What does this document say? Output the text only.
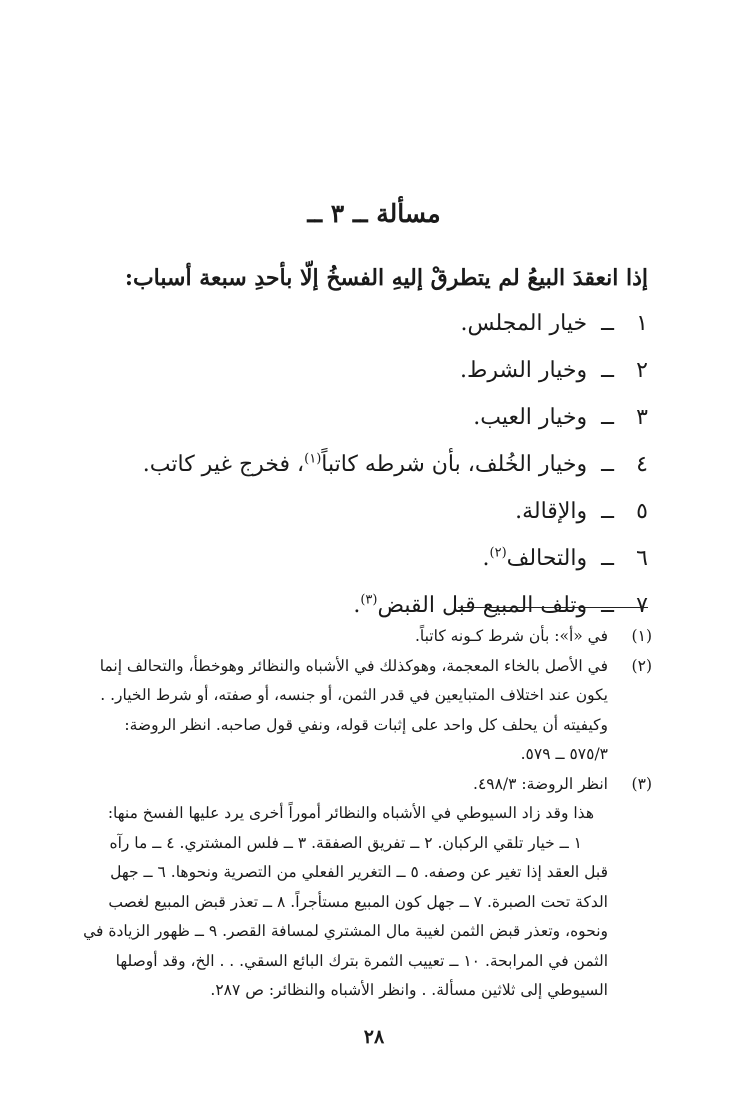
مسألة ــ ٣ ــ
إذا انعقدَ البيعُ لم يتطرقْ إليهِ الفسخُ إلّا بأحدِ سبعة أسباب:
١ــخيار المجلس.
٢ــوخيار الشرط.
٣ــوخيار العيب.
٤ــوخيار الخُلف، بأن شرطه كاتباً$^{(١)}$، فخرج غير كاتب.
٥ــوالإقالة.
٦ــوالتحالف$^{(٢)}$.
٧ــوتلف المبيع قبل القبض$^{(٣)}$.
(١)

في «أ»: بأن شرط كـونه كاتباً.

(٢)

في الأصل بالخاء المعجمة، وهوكذلك في الأشباه والنظائر وهوخطأ، والتحالف إنما

يكون عند اختلاف المتبايعين في قدر الثمن، أو جنسه، أو صفته، أو شرط الخيار. .

وكيفيته أن يحلف كل واحد على إثبات قوله، ونفي قول صاحبه. انظر الروضة:

٥٧٥/٣ ــ ٥٧٩.

(٣)

انظر الروضة: ٤٩٨/٣.

هذا وقد زاد السيوطي في الأشباه والنظائر أموراً أخرى يرد عليها الفسخ منها:

١ ــ خيار تلقي الركبان. ٢ ــ تفريق الصفقة. ٣ ــ فلس المشتري. ٤ ــ ما رآه

قبل العقد إذا تغير عن وصفه. ٥ ــ التغرير الفعلي من التصرية ونحوها. ٦ ــ جهل

الدكة تحت الصبرة. ٧ ــ جهل كون المبيع مستأجراً. ٨ ــ تعذر قبض المبيع لغصب

ونحوه، وتعذر قبض الثمن لغيبة مال المشتري لمسافة القصر. ٩ ــ ظهور الزيادة في

الثمن في المرابحة. ١٠ ــ تعييب الثمرة بترك البائع السقي. . . الخ، وقد أوصلها

السيوطي إلى ثلاثين مسألة. . وانظر الأشباه والنظائر: ص ٢٨٧.

٢٨
